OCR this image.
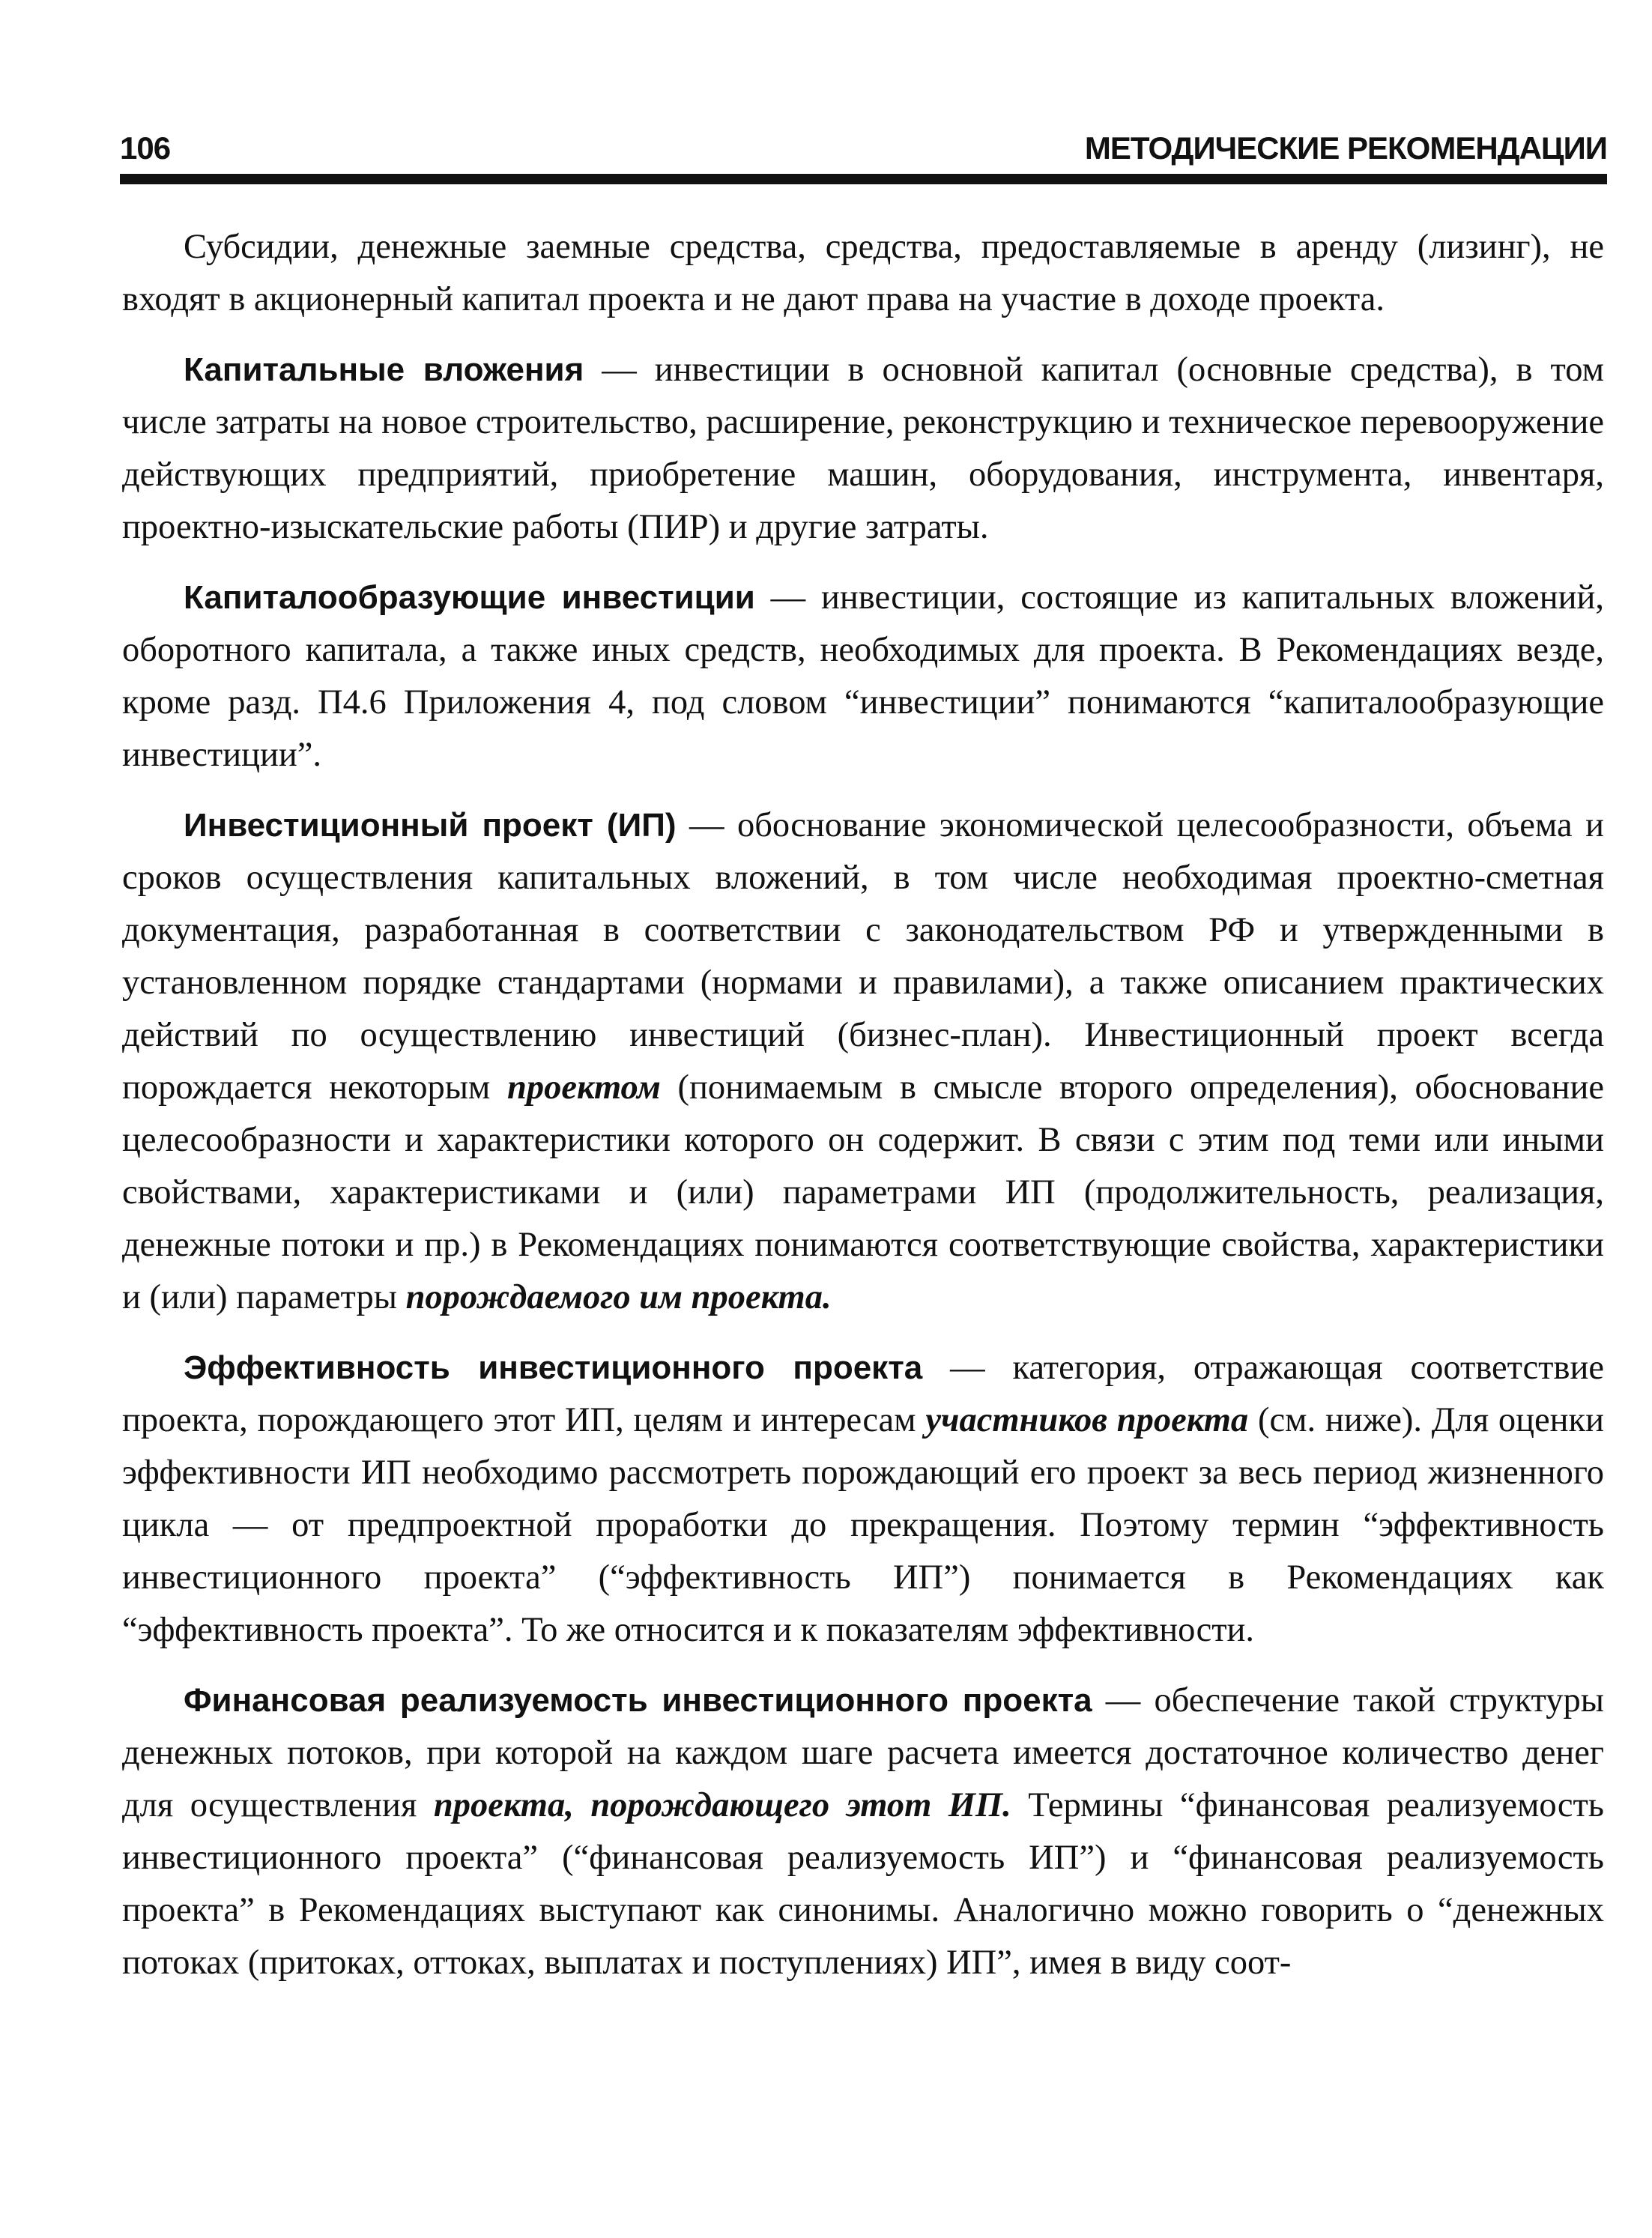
106	МЕТОДИЧЕСКИЕ РЕКОМЕНДАЦИИ

Субсидии, денежные заемные средства, средства, предоставляемые в аренду (лизинг), не входят в акционерный капитал проекта и не дают права на участие в доходе проекта.

Капитальные вложения — инвестиции в основной капитал (основные средства), в том числе затраты на новое строительство, расширение, реконструкцию и техническое перевооружение действующих предприятий, приобретение машин, оборудования, инструмента, инвентаря, проектно-изыскательские работы (ПИР) и другие затраты.

Капиталообразующие инвестиции — инвестиции, состоящие из капитальных вложений, оборотного капитала, а также иных средств, необходимых для проекта. В Рекомендациях везде, кроме разд. П4.6 Приложения 4, под словом “инвестиции” понимаются “капиталообразующие инвестиции”.

Инвестиционный проект (ИП) — обоснование экономической целесообразности, объема и сроков осуществления капитальных вложений, в том числе необходимая проектно-сметная документация, разработанная в соответствии с законодательством РФ и утвержденными в установленном порядке стандартами (нормами и правилами), а также описанием практических действий по осуществлению инвестиций (бизнес-план). Инвестиционный проект всегда порождается некоторым проектом (понимаемым в смысле второго определения), обоснование целесообразности и характеристики которого он содержит. В связи с этим под теми или иными свойствами, характеристиками и (или) параметрами ИП (продолжительность, реализация, денежные потоки и пр.) в Рекомендациях понимаются соответствующие свойства, характеристики и (или) параметры порождаемого им проекта.

Эффективность инвестиционного проекта — категория, отражающая соответствие проекта, порождающего этот ИП, целям и интересам участников проекта (см. ниже). Для оценки эффективности ИП необходимо рассмотреть порождающий его проект за весь период жизненного цикла — от предпроектной проработки до прекращения. Поэтому термин “эффективность инвестиционного проекта” (“эффективность ИП”) понимается в Рекомендациях как “эффективность проекта”. То же относится и к показателям эффективности.

Финансовая реализуемость инвестиционного проекта — обеспечение такой структуры денежных потоков, при которой на каждом шаге расчета имеется достаточное количество денег для осуществления проекта, порождающего этот ИП. Термины “финансовая реализуемость инвестиционного проекта” (“финансовая реализуемость ИП”) и “финансовая реализуемость проекта” в Рекомендациях выступают как синонимы. Аналогично можно говорить о “денежных потоках (притоках, оттоках, выплатах и поступлениях) ИП”, имея в виду соот-
